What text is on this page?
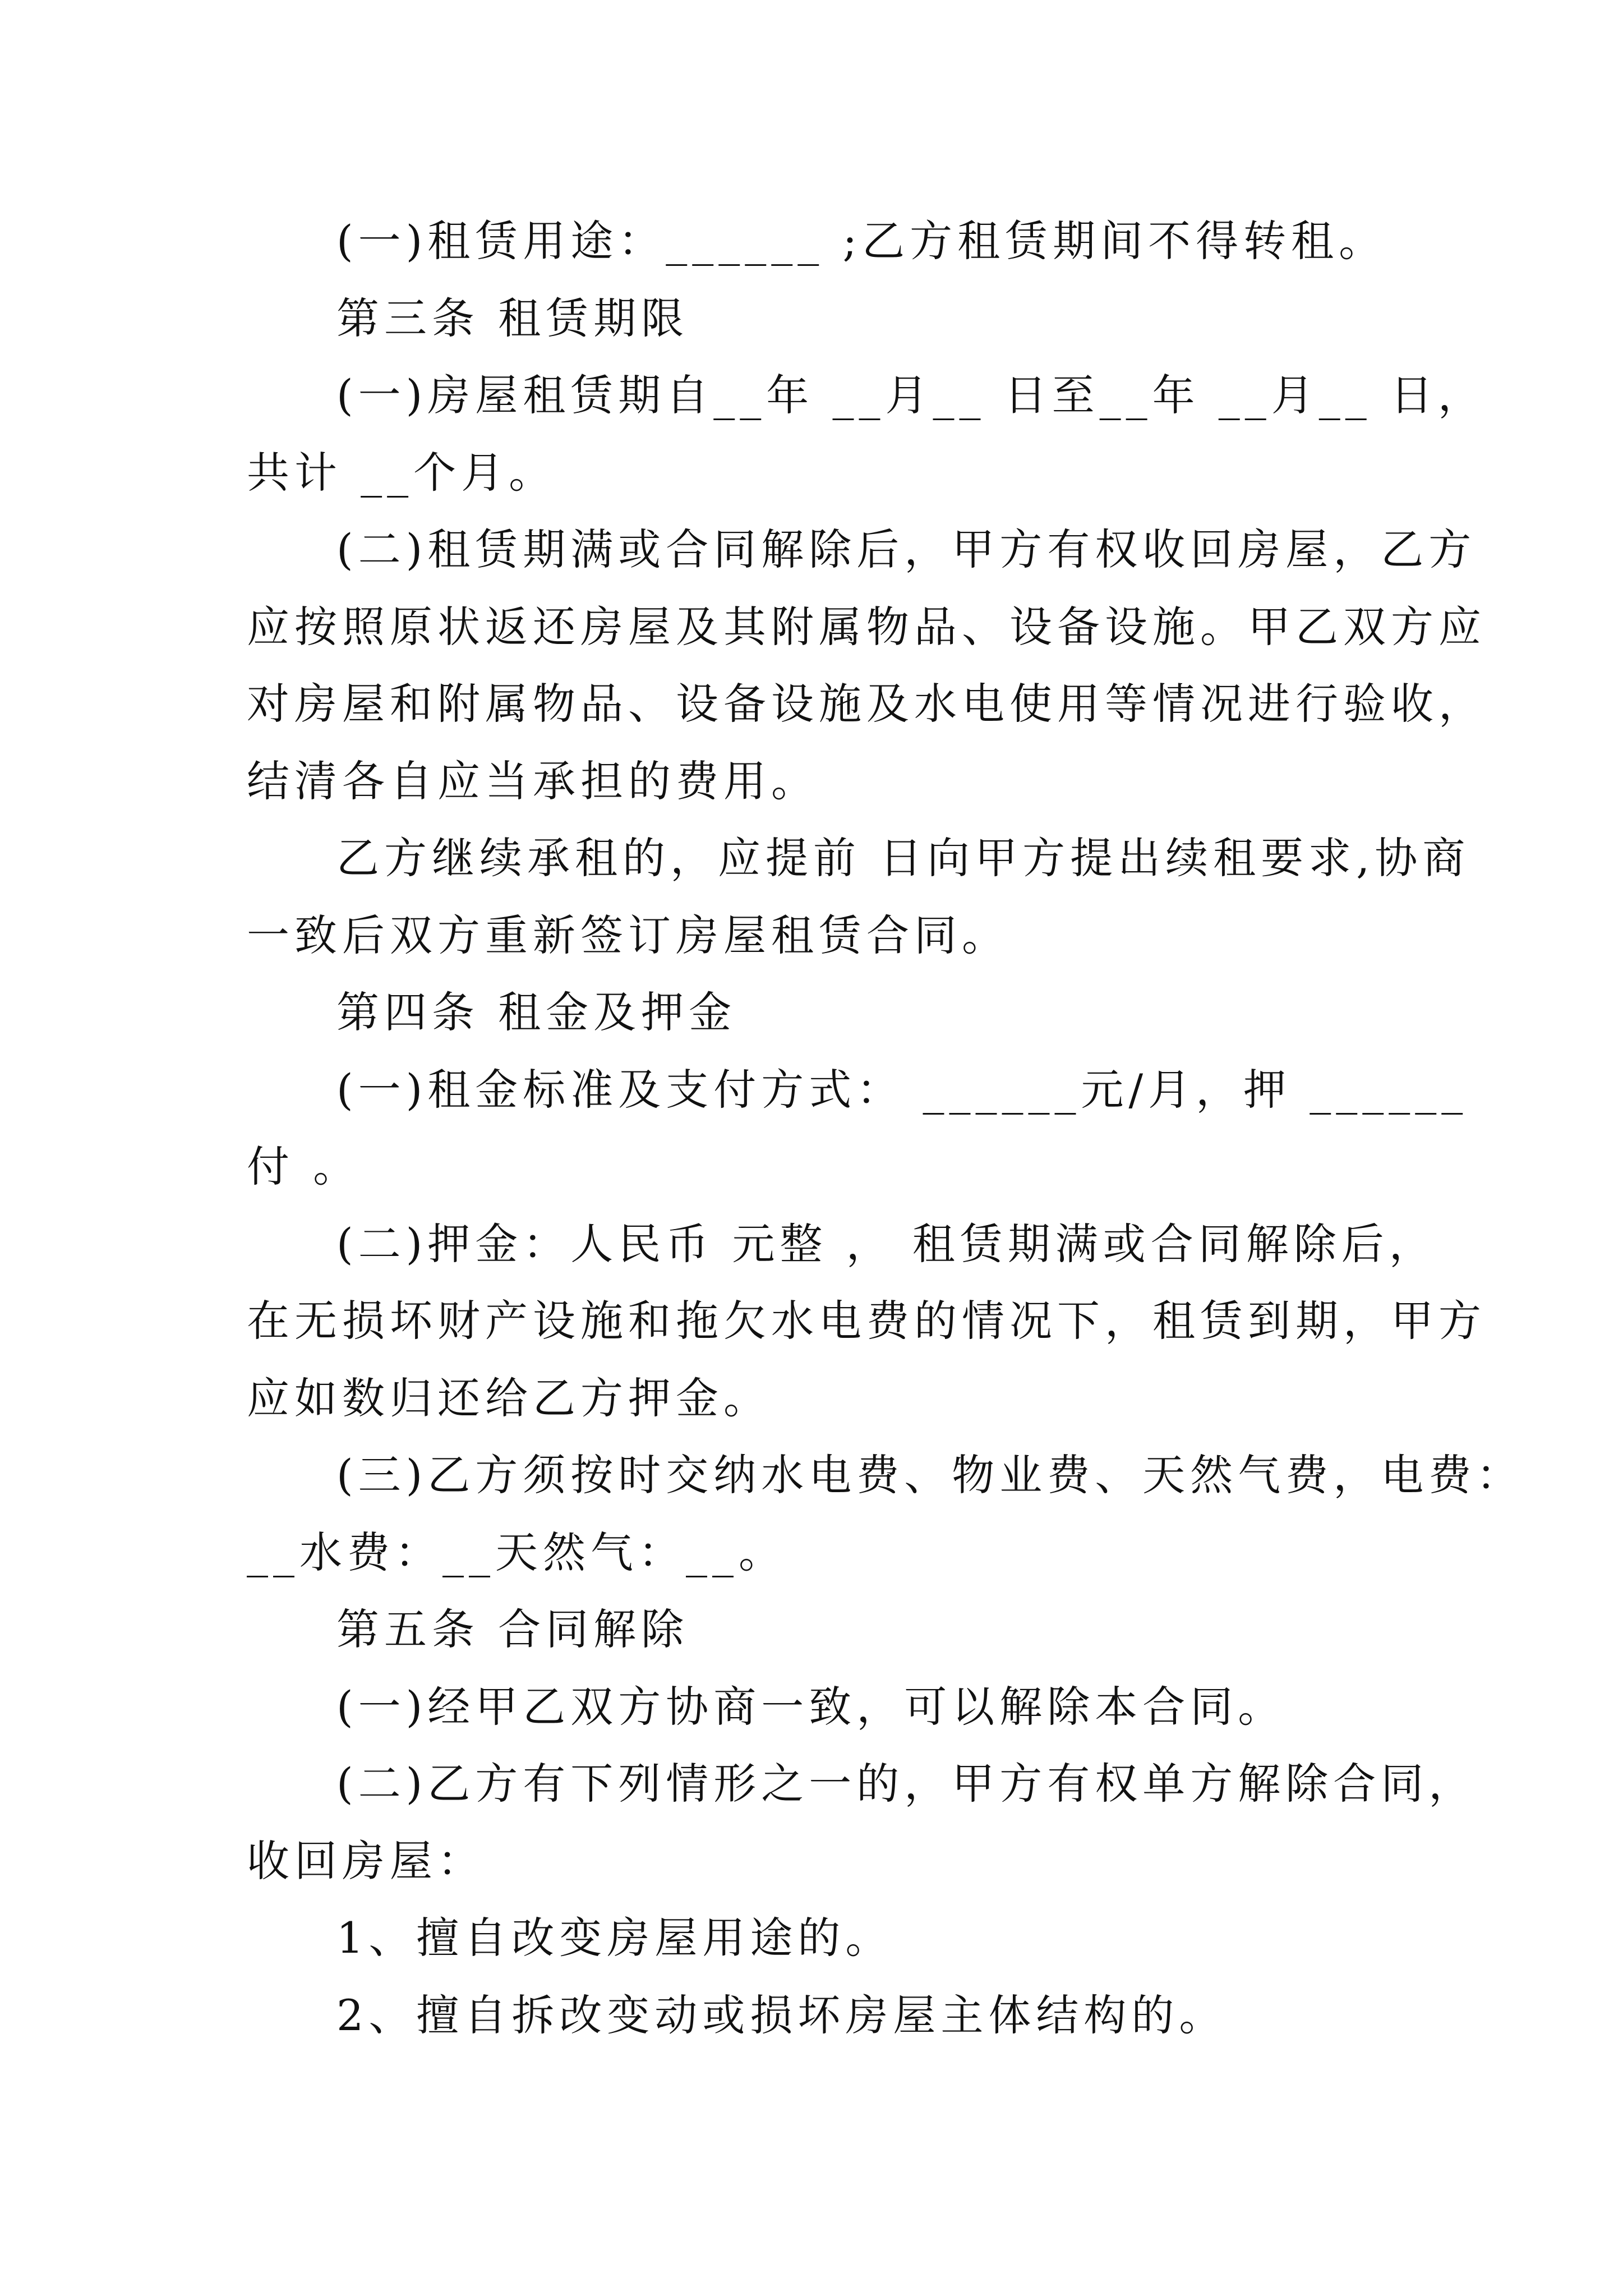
(一)租赁用途：______ ;乙方租赁期间不得转租。
第三条 租赁期限
(一)房屋租赁期自__年 __月__ 日至__年 __月__ 日，
共计 __个月。
(二)租赁期满或合同解除后，甲方有权收回房屋，乙方
应按照原状返还房屋及其附属物品、设备设施。甲乙双方应
对房屋和附属物品、设备设施及水电使用等情况进行验收，
结清各自应当承担的费用。
乙方继续承租的，应提前 日向甲方提出续租要求,协商
一致后双方重新签订房屋租赁合同。
第四条 租金及押金
(一)租金标准及支付方式： ______元/月，押 ______
付 。
(二)押金：人民币 元整 ， 租赁期满或合同解除后，
在无损坏财产设施和拖欠水电费的情况下，租赁到期，甲方
应如数归还给乙方押金。
(三)乙方须按时交纳水电费、物业费、天然气费，电费：
__水费：__天然气：__。
第五条 合同解除
(一)经甲乙双方协商一致，可以解除本合同。
(二)乙方有下列情形之一的，甲方有权单方解除合同，
收回房屋：
1、擅自改变房屋用途的。
2、擅自拆改变动或损坏房屋主体结构的。
